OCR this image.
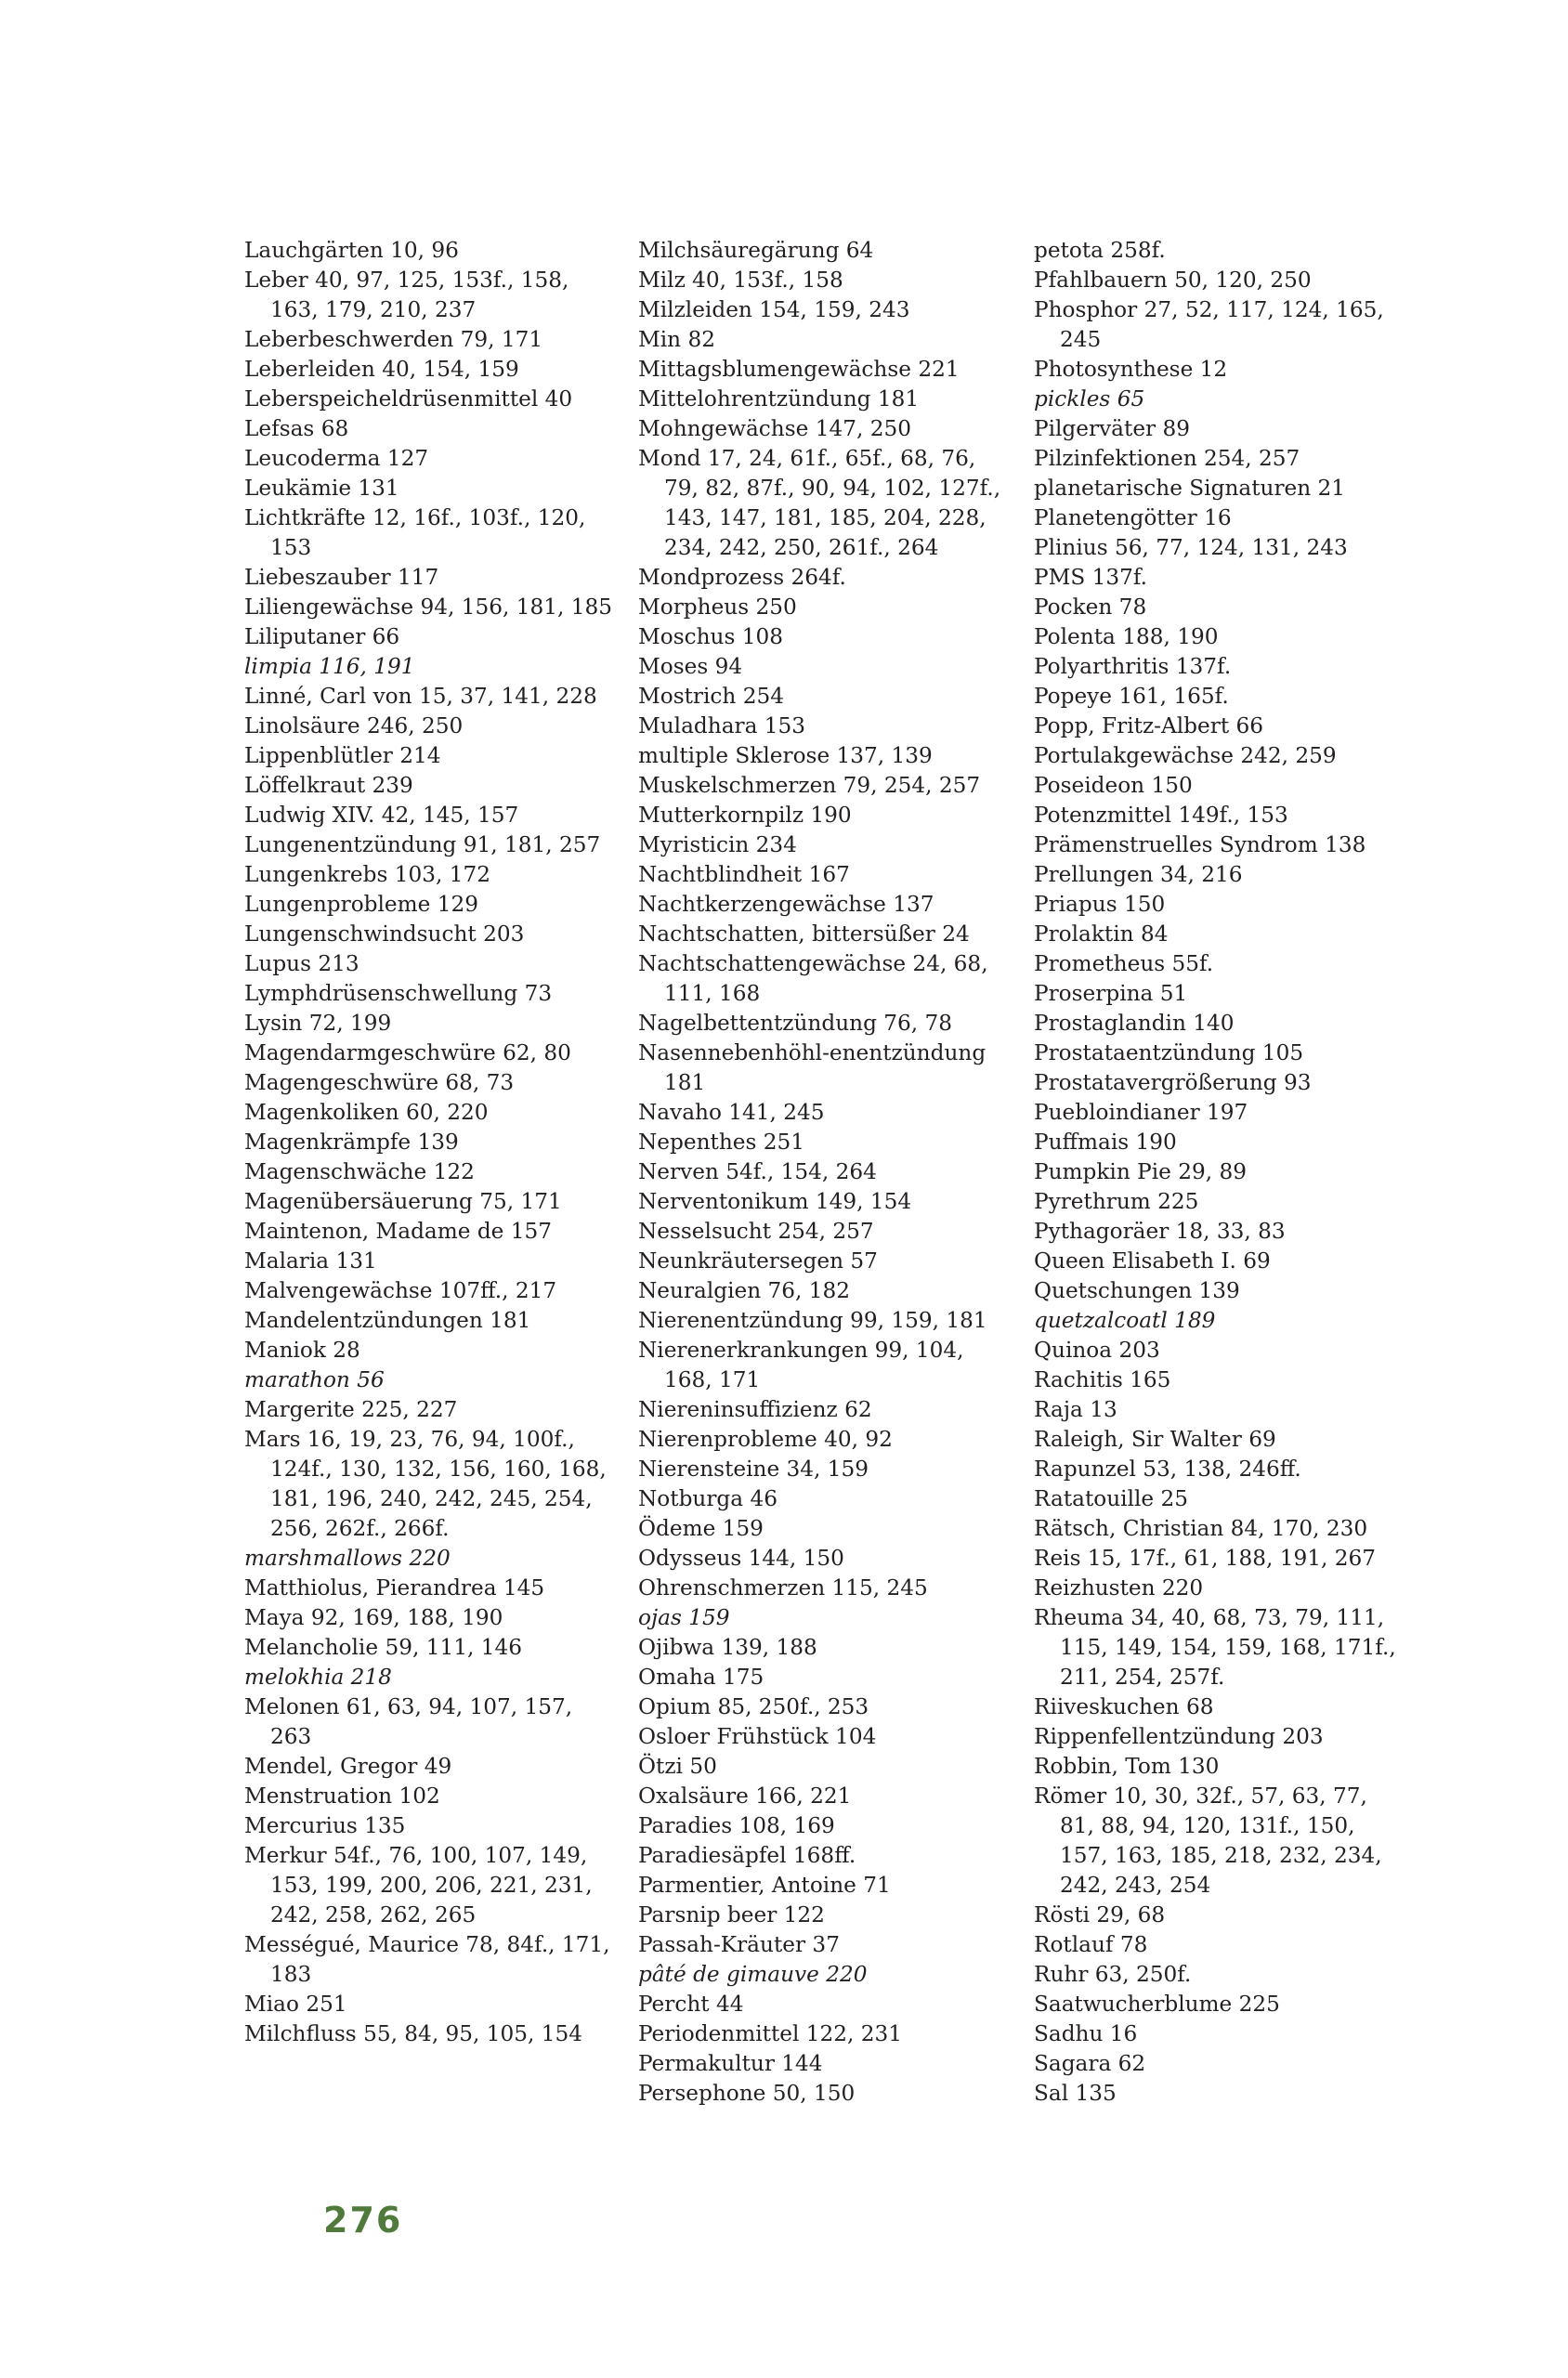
Lauchgärten 10, 96
Leber 40, 97, 125, 153f., 158, 163, 179, 210, 237
Leberbeschwerden 79, 171
Leberleiden 40, 154, 159
Leberspeicheldrüsenmittel 40
Lefsas 68
Leucoderma 127
Leukämie 131
Lichtkräfte 12, 16f., 103f., 120, 153
Liebeszauber 117
Liliengewächse 94, 156, 181, 185
Liliputaner 66
limpia 116, 191
Linné, Carl von 15, 37, 141, 228
Linolsäure 246, 250
Lippenblütler 214
Löffelkraut 239
Ludwig XIV. 42, 145, 157
Lungenentzündung 91, 181, 257
Lungenkrebs 103, 172
Lungenprobleme 129
Lungenschwindsucht 203
Lupus 213
Lymphdrüsenschwellung 73
Lysin 72, 199
Magendarmgeschwüre 62, 80
Magengeschwüre 68, 73
Magenkoliken 60, 220
Magenkrämpfe 139
Magenschwäche 122
Magenübersäuerung 75, 171
Maintenon, Madame de 157
Malaria 131
Malvengewächse 107ff., 217
Mandelentzündungen 181
Maniok 28
marathon 56
Margerite 225, 227
Mars 16, 19, 23, 76, 94, 100f., 124f., 130, 132, 156, 160, 168, 181, 196, 240, 242, 245, 254, 256, 262f., 266f.
marshmallows 220
Matthiolus, Pierandrea 145
Maya 92, 169, 188, 190
Melancholie 59, 111, 146
melokhia 218
Melonen 61, 63, 94, 107, 157, 263
Mendel, Gregor 49
Menstruation 102
Mercurius 135
Merkur 54f., 76, 100, 107, 149, 153, 199, 200, 206, 221, 231, 242, 258, 262, 265
Mességué, Maurice 78, 84f., 171, 183
Miao 251
Milchfluss 55, 84, 95, 105, 154
Milchsäuregärung 64
Milz 40, 153f., 158
Milzleiden 154, 159, 243
Min 82
Mittagsblumengewächse 221
Mittelohrentzündung 181
Mohngewächse 147, 250
Mond 17, 24, 61f., 65f., 68, 76, 79, 82, 87f., 90, 94, 102, 127f., 143, 147, 181, 185, 204, 228, 234, 242, 250, 261f., 264
Mondprozess 264f.
Morpheus 250
Moschus 108
Moses 94
Mostrich 254
Muladhara 153
multiple Sklerose 137, 139
Muskelschmerzen 79, 254, 257
Mutterkornpilz 190
Myristicin 234
Nachtblindheit 167
Nachtkerzengewächse 137
Nachtschatten, bittersüßer 24
Nachtschattengewächse 24, 68, 111, 168
Nagelbettentzündung 76, 78
Nasennebenhöhl-enentzündung 181
Navaho 141, 245
Nepenthes 251
Nerven 54f., 154, 264
Nerventonikum 149, 154
Nesselsucht 254, 257
Neunkräutersegen 57
Neuralgien 76, 182
Nierenentzündung 99, 159, 181
Nierenerkrankungen 99, 104, 168, 171
Niereninsuffizienz 62
Nierenprobleme 40, 92
Nierensteine 34, 159
Notburga 46
Ödeme 159
Odysseus 144, 150
Ohrenschmerzen 115, 245
ojas 159
Ojibwa 139, 188
Omaha 175
Opium 85, 250f., 253
Osloer Frühstück 104
Ötzi 50
Oxalsäure 166, 221
Paradies 108, 169
Paradiesäpfel 168ff.
Parmentier, Antoine 71
Parsnip beer 122
Passah-Kräuter 37
pâté de gimauve 220
Percht 44
Periodenmittel 122, 231
Permakultur 144
Persephone 50, 150
petota 258f.
Pfahlbauern 50, 120, 250
Phosphor 27, 52, 117, 124, 165, 245
Photosynthese 12
pickles 65
Pilgerväter 89
Pilzinfektionen 254, 257
planetarische Signaturen 21
Planetengötter 16
Plinius 56, 77, 124, 131, 243
PMS 137f.
Pocken 78
Polenta 188, 190
Polyarthritis 137f.
Popeye 161, 165f.
Popp, Fritz-Albert 66
Portulakgewächse 242, 259
Poseideon 150
Potenzmittel 149f., 153
Prämenstruelles Syndrom 138
Prellungen 34, 216
Priapus 150
Prolaktin 84
Prometheus 55f.
Proserpina 51
Prostaglandin 140
Prostataentzündung 105
Prostatavergrößerung 93
Puebloindianer 197
Puffmais 190
Pumpkin Pie 29, 89
Pyrethrum 225
Pythagoräer 18, 33, 83
Queen Elisabeth I. 69
Quetschungen 139
quetzalcoatl 189
Quinoa 203
Rachitis 165
Raja 13
Raleigh, Sir Walter 69
Rapunzel 53, 138, 246ff.
Ratatouille 25
Rätsch, Christian 84, 170, 230
Reis 15, 17f., 61, 188, 191, 267
Reizhusten 220
Rheuma 34, 40, 68, 73, 79, 111, 115, 149, 154, 159, 168, 171f., 211, 254, 257f.
Riiveskuchen 68
Rippenfellentzündung 203
Robbin, Tom 130
Römer 10, 30, 32f., 57, 63, 77, 81, 88, 94, 120, 131f., 150, 157, 163, 185, 218, 232, 234, 242, 243, 254
Rösti 29, 68
Rotlauf 78
Ruhr 63, 250f.
Saatwucherblume 225
Sadhu 16
Sagara 62
Sal 135
276
